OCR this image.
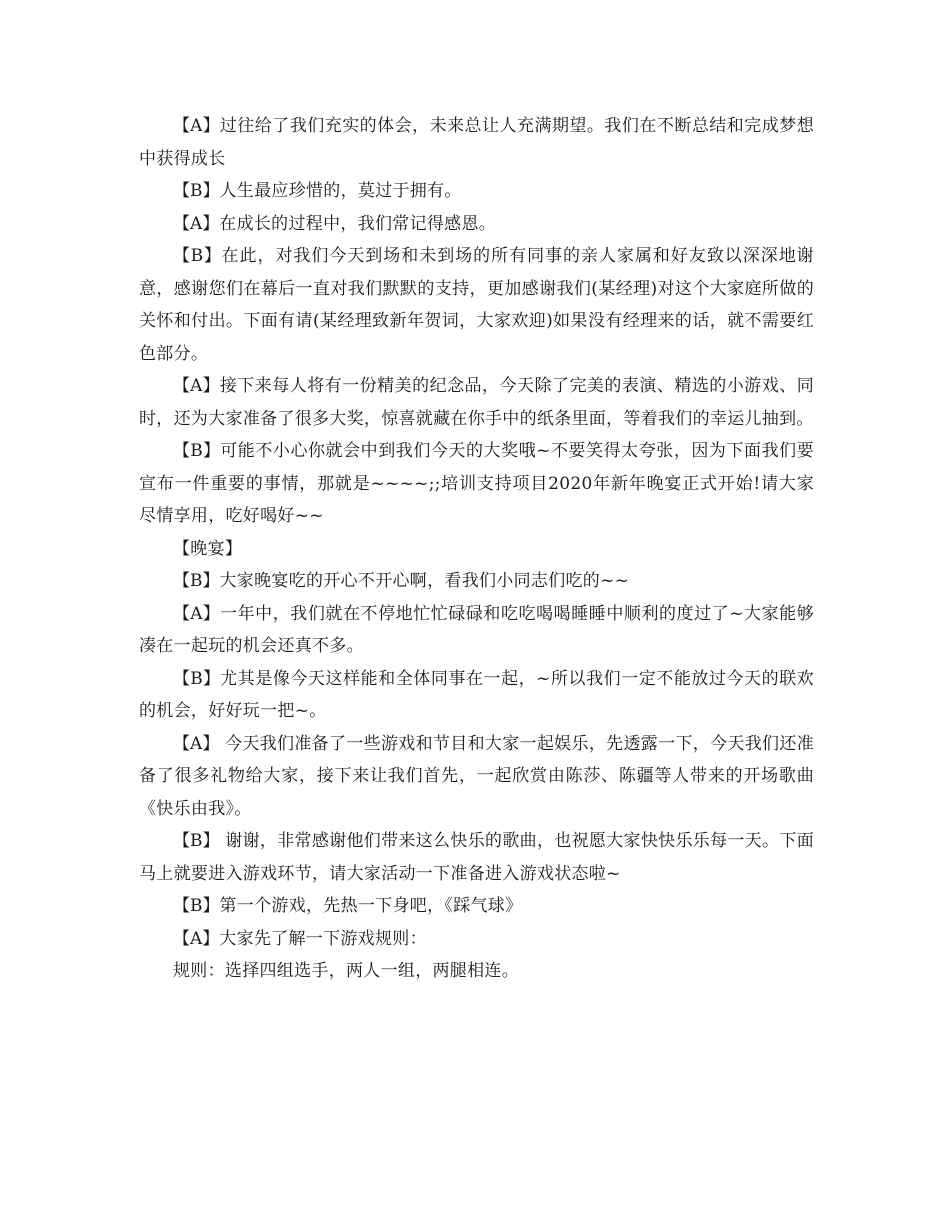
【A】过往给了我们充实的体会，未来总让人充满期望。我们在不断总结和完成梦想中获得成长

【B】人生最应珍惜的，莫过于拥有。

【A】在成长的过程中，我们常记得感恩。

【B】在此，对我们今天到场和未到场的所有同事的亲人家属和好友致以深深地谢意，感谢您们在幕后一直对我们默默的支持，更加感谢我们(某经理)对这个大家庭所做的关怀和付出。下面有请(某经理致新年贺词，大家欢迎)如果没有经理来的话，就不需要红色部分。

【A】接下来每人将有一份精美的纪念品，今天除了完美的表演、精选的小游戏、同时，还为大家准备了很多大奖，惊喜就藏在你手中的纸条里面，等着我们的幸运儿抽到。

【B】可能不小心你就会中到我们今天的大奖哦~不要笑得太夸张，因为下面我们要宣布一件重要的事情，那就是~~~~;;培训支持项目2020年新年晚宴正式开始!请大家尽情享用，吃好喝好~~

【晚宴】

【B】大家晚宴吃的开心不开心啊，看我们小同志们吃的~~

【A】一年中，我们就在不停地忙忙碌碌和吃吃喝喝睡睡中顺利的度过了~大家能够凑在一起玩的机会还真不多。

【B】尤其是像今天这样能和全体同事在一起，~所以我们一定不能放过今天的联欢的机会，好好玩一把~。

【A】 今天我们准备了一些游戏和节目和大家一起娱乐，先透露一下，今天我们还准备了很多礼物给大家，接下来让我们首先，一起欣赏由陈莎、陈疆等人带来的开场歌曲《快乐由我》。

【B】 谢谢，非常感谢他们带来这么快乐的歌曲，也祝愿大家快快乐乐每一天。下面马上就要进入游戏环节，请大家活动一下准备进入游戏状态啦~

【B】第一个游戏，先热一下身吧，《踩气球》

【A】大家先了解一下游戏规则：

规则：选择四组选手，两人一组，两腿相连。
